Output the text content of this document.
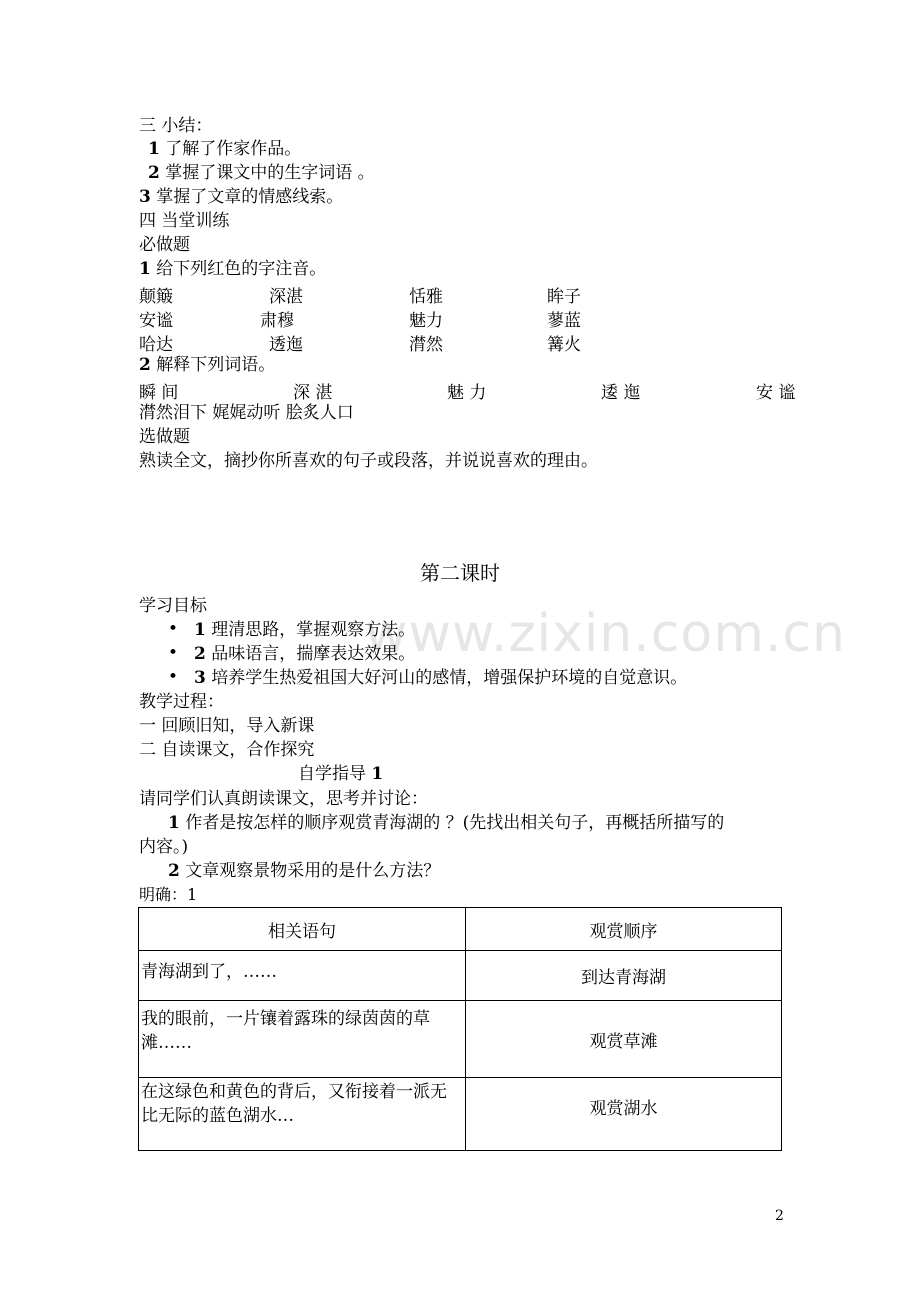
www.zixin.com.cn
三 小结：
1 了解了作家作品。
2 掌握了课文中的生字词语 。
3 掌握了文章的情感线索。
四 当堂训练
必做题
1 给下列红色的字注音。
颠簸	深湛	恬雅	眸子
安谧	肃穆	魅力	蓼蓝
哈达	透迤	潸然	篝火
2 解释下列词语。
瞬 间	深 湛	魅 力	逶 迤	安 谧
潸然泪下 娓娓动听 脍炙人口
选做题
熟读全文，摘抄你所喜欢的句子或段落，并说说喜欢的理由。
第二课时
学习目标
• 1 理清思路，掌握观察方法。
• 2 品味语言，揣摩表达效果。
• 3 培养学生热爱祖国大好河山的感情，增强保护环境的自觉意识。
教学过程：
一 回顾旧知，导入新课
二 自读课文，合作探究
自学指导 1
请同学们认真朗读课文，思考并讨论：
1 作者是按怎样的顺序观赏青海湖的 ？(先找出相关句子，再概括所描写的
内容。)
2 文章观察景物采用的是什么方法？
明确：1
相关语句	观赏顺序
青海湖到了，……	到达青海湖
我的眼前，一片镶着露珠的绿茵茵的草滩……	观赏草滩
在这绿色和黄色的背后，又衔接着一派无比无际的蓝色湖水…	观赏湖水
2
